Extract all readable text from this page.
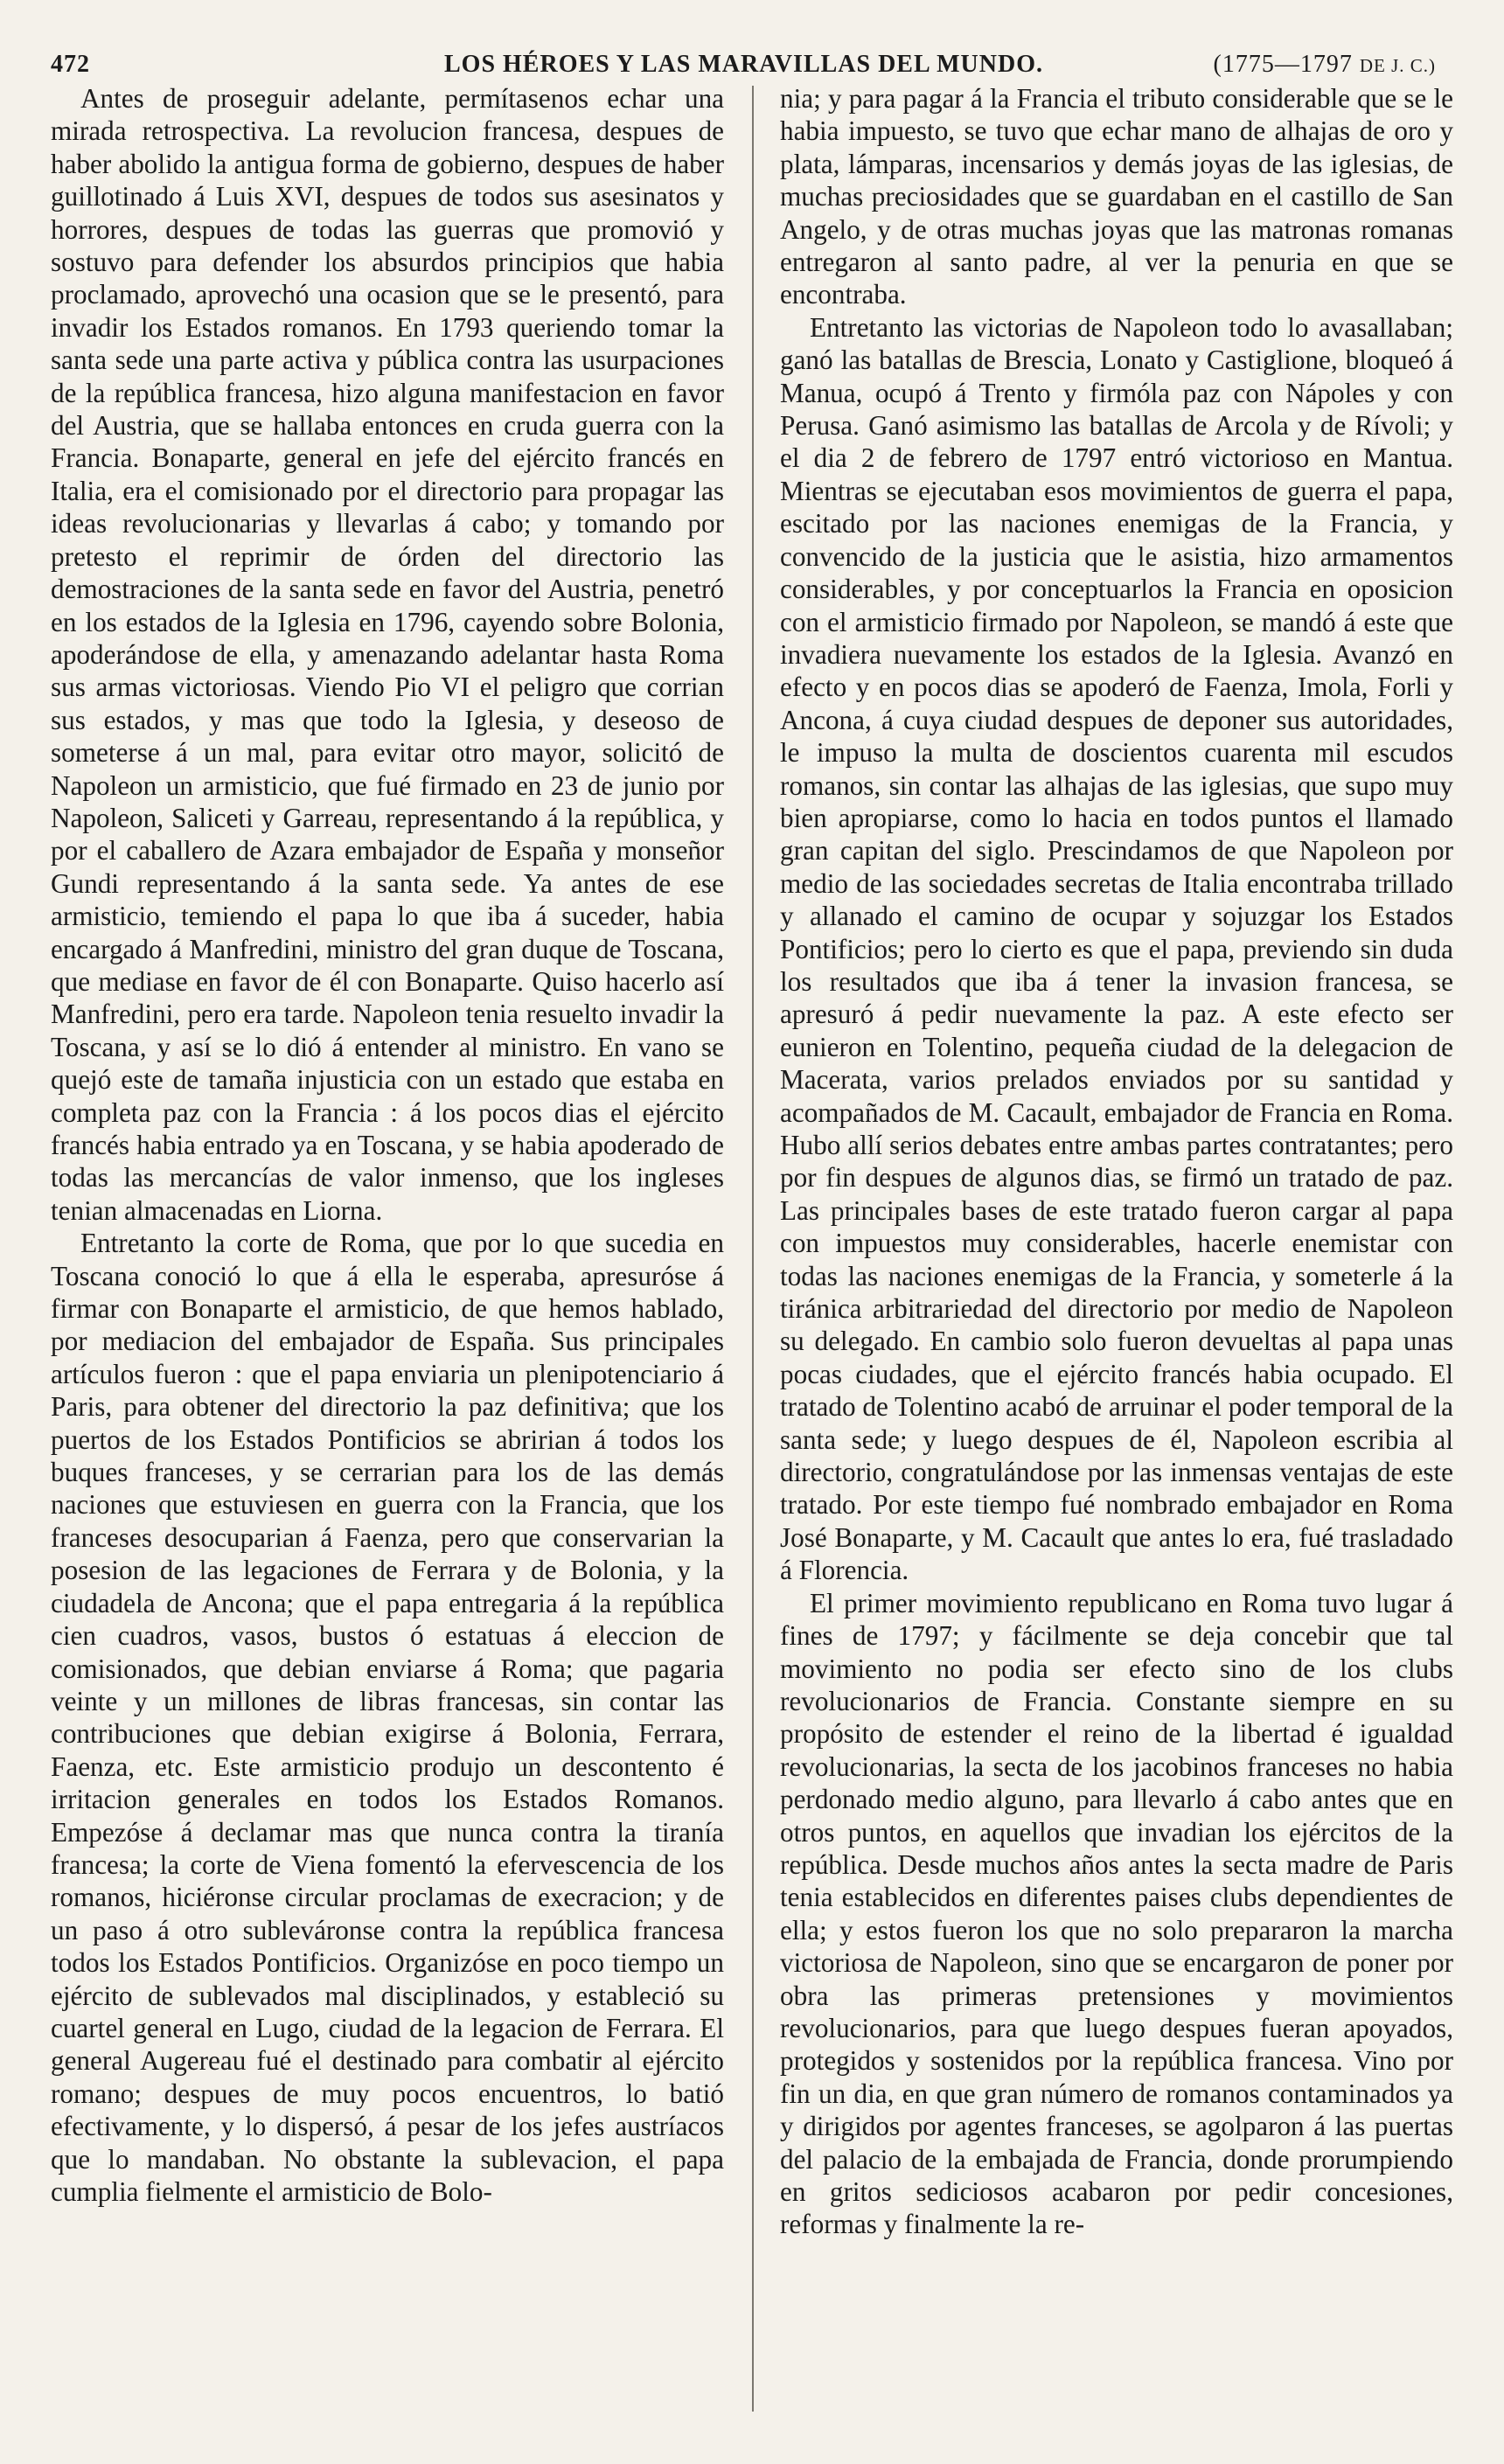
472	LOS HÉROES Y LAS MARAVILLAS DEL MUNDO.	(1775—1797 DE J. C.)

Antes de proseguir adelante, permítasenos echar una mirada retrospectiva. La revolucion francesa, despues de haber abolido la antigua forma de gobierno, despues de haber guillotinado á Luis XVI, despues de todos sus asesinatos y horrores, despues de todas las guerras que promovió y sostuvo para defender los absurdos principios que habia proclamado, aprovechó una ocasion que se le presentó, para invadir los Estados romanos. En 1793 queriendo tomar la santa sede una parte activa y pública contra las usurpaciones de la república francesa, hizo alguna manifestacion en favor del Austria, que se hallaba entonces en cruda guerra con la Francia. Bonaparte, general en jefe del ejército francés en Italia, era el comisionado por el directorio para propagar las ideas revolucionarias y llevarlas á cabo; y tomando por pretesto el reprimir de órden del directorio las demostraciones de la santa sede en favor del Austria, penetró en los estados de la Iglesia en 1796, cayendo sobre Bolonia, apoderándose de ella, y amenazando adelantar hasta Roma sus armas victoriosas. Viendo Pio VI el peligro que corrian sus estados, y mas que todo la Iglesia, y deseoso de someterse á un mal, para evitar otro mayor, solicitó de Napoleon un armisticio, que fué firmado en 23 de junio por Napoleon, Saliceti y Garreau, representando á la república, y por el caballero de Azara embajador de España y monseñor Gundi representando á la santa sede. Ya antes de ese armisticio, temiendo el papa lo que iba á suceder, habia encargado á Manfredini, ministro del gran duque de Toscana, que mediase en favor de él con Bonaparte. Quiso hacerlo así Manfredini, pero era tarde. Napoleon tenia resuelto invadir la Toscana, y así se lo dió á entender al ministro. En vano se quejó este de tamaña injusticia con un estado que estaba en completa paz con la Francia : á los pocos dias el ejército francés habia entrado ya en Toscana, y se habia apoderado de todas las mercancías de valor inmenso, que los ingleses tenian almacenadas en Liorna.

Entretanto la corte de Roma, que por lo que sucedia en Toscana conoció lo que á ella le esperaba, apresuróse á firmar con Bonaparte el armisticio, de que hemos hablado, por mediacion del embajador de España. Sus principales artículos fueron : que el papa enviaria un plenipotenciario á Paris, para obtener del directorio la paz definitiva; que los puertos de los Estados Pontificios se abririan á todos los buques franceses, y se cerrarian para los de las demás naciones que estuviesen en guerra con la Francia, que los franceses desocuparian á Faenza, pero que conservarian la posesion de las legaciones de Ferrara y de Bolonia, y la ciudadela de Ancona; que el papa entregaria á la república cien cuadros, vasos, bustos ó estatuas á eleccion de comisionados, que debian enviarse á Roma; que pagaria veinte y un millones de libras francesas, sin contar las contribuciones que debian exigirse á Bolonia, Ferrara, Faenza, etc. Este armisticio produjo un descontento é irritacion generales en todos los Estados Romanos. Empezóse á declamar mas que nunca contra la tiranía francesa; la corte de Viena fomentó la efervescencia de los romanos, hiciéronse circular proclamas de execracion; y de un paso á otro subleváronse contra la república francesa todos los Estados Pontificios. Organizóse en poco tiempo un ejército de sublevados mal disciplinados, y estableció su cuartel general en Lugo, ciudad de la legacion de Ferrara. El general Augereau fué el destinado para combatir al ejército romano; despues de muy pocos encuentros, lo batió efectivamente, y lo dispersó, á pesar de los jefes austríacos que lo mandaban. No obstante la sublevacion, el papa cumplia fielmente el armisticio de Bolo-

nia; y para pagar á la Francia el tributo considerable que se le habia impuesto, se tuvo que echar mano de alhajas de oro y plata, lámparas, incensarios y demás joyas de las iglesias, de muchas preciosidades que se guardaban en el castillo de San Angelo, y de otras muchas joyas que las matronas romanas entregaron al santo padre, al ver la penuria en que se encontraba.

Entretanto las victorias de Napoleon todo lo avasallaban; ganó las batallas de Brescia, Lonato y Castiglione, bloqueó á Manua, ocupó á Trento y firmóla paz con Nápoles y con Perusa. Ganó asimismo las batallas de Arcola y de Rívoli; y el dia 2 de febrero de 1797 entró victorioso en Mantua. Mientras se ejecutaban esos movimientos de guerra el papa, escitado por las naciones enemigas de la Francia, y convencido de la justicia que le asistia, hizo armamentos considerables, y por conceptuarlos la Francia en oposicion con el armisticio firmado por Napoleon, se mandó á este que invadiera nuevamente los estados de la Iglesia. Avanzó en efecto y en pocos dias se apoderó de Faenza, Imola, Forli y Ancona, á cuya ciudad despues de deponer sus autoridades, le impuso la multa de doscientos cuarenta mil escudos romanos, sin contar las alhajas de las iglesias, que supo muy bien apropiarse, como lo hacia en todos puntos el llamado gran capitan del siglo. Prescindamos de que Napoleon por medio de las sociedades secretas de Italia encontraba trillado y allanado el camino de ocupar y sojuzgar los Estados Pontificios; pero lo cierto es que el papa, previendo sin duda los resultados que iba á tener la invasion francesa, se apresuró á pedir nuevamente la paz. A este efecto ser eunieron en Tolentino, pequeña ciudad de la delegacion de Macerata, varios prelados enviados por su santidad y acompañados de M. Cacault, embajador de Francia en Roma. Hubo allí serios debates entre ambas partes contratantes; pero por fin despues de algunos dias, se firmó un tratado de paz. Las principales bases de este tratado fueron cargar al papa con impuestos muy considerables, hacerle enemistar con todas las naciones enemigas de la Francia, y someterle á la tiránica arbitrariedad del directorio por medio de Napoleon su delegado. En cambio solo fueron devueltas al papa unas pocas ciudades, que el ejército francés habia ocupado. El tratado de Tolentino acabó de arruinar el poder temporal de la santa sede; y luego despues de él, Napoleon escribia al directorio, congratulándose por las inmensas ventajas de este tratado. Por este tiempo fué nombrado embajador en Roma José Bonaparte, y M. Cacault que antes lo era, fué trasladado á Florencia.

El primer movimiento republicano en Roma tuvo lugar á fines de 1797; y fácilmente se deja concebir que tal movimiento no podia ser efecto sino de los clubs revolucionarios de Francia. Constante siempre en su propósito de estender el reino de la libertad é igualdad revolucionarias, la secta de los jacobinos franceses no habia perdonado medio alguno, para llevarlo á cabo antes que en otros puntos, en aquellos que invadian los ejércitos de la república. Desde muchos años antes la secta madre de Paris tenia establecidos en diferentes paises clubs dependientes de ella; y estos fueron los que no solo prepararon la marcha victoriosa de Napoleon, sino que se encargaron de poner por obra las primeras pretensiones y movimientos revolucionarios, para que luego despues fueran apoyados, protegidos y sostenidos por la república francesa. Vino por fin un dia, en que gran número de romanos contaminados ya y dirigidos por agentes franceses, se agolparon á las puertas del palacio de la embajada de Francia, donde prorumpiendo en gritos sediciosos acabaron por pedir concesiones, reformas y finalmente la re-
